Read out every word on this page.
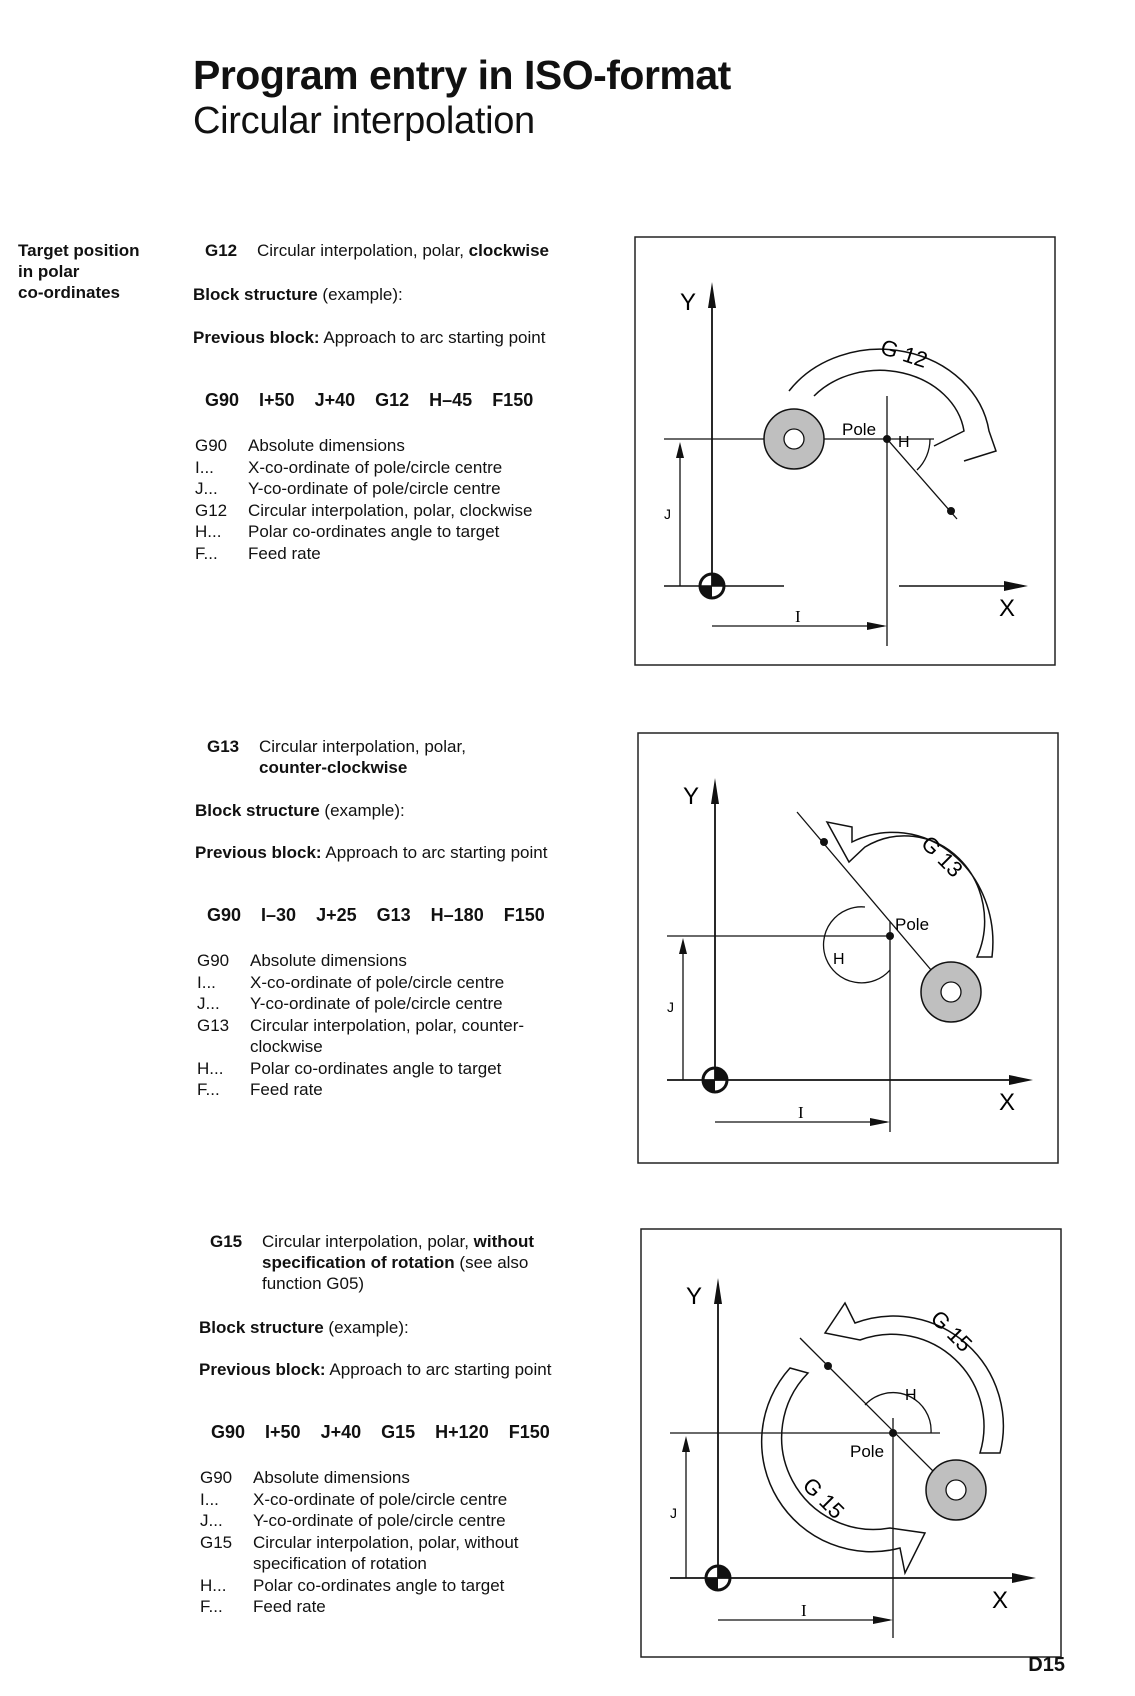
Program entry in ISO-format
Circular interpolation
Target position
in polar
co-ordinates
G12 Circular interpolation, polar, clockwise
Block structure (example):
Previous block: Approach to arc starting point
G90 I+50 J+40 G12 H–45 F150
G90	Absolute dimensions
I...	X-co-ordinate of pole/circle centre
J...	Y-co-ordinate of pole/circle centre
G12	Circular interpolation, polar, clockwise
H...	Polar co-ordinates angle to target
F...	Feed rate
Y
X
Pole
H
J
I
G 12
G13 Circular interpolation, polar,
counter-clockwise
Block structure (example):
Previous block: Approach to arc starting point
G90 I–30 J+25 G13 H–180 F150
G90	Absolute dimensions
I...	X-co-ordinate of pole/circle centre
J...	Y-co-ordinate of pole/circle centre
G13	Circular interpolation, polar, counter-clockwise
H...	Polar co-ordinates angle to target
F...	Feed rate
Y
X
Pole
H
J
I
G 13
G15 Circular interpolation, polar, without
specification of rotation (see also
function G05)
Block structure (example):
Previous block: Approach to arc starting point
G90 I+50 J+40 G15 H+120 F150
G90	Absolute dimensions
I...	X-co-ordinate of pole/circle centre
J...	Y-co-ordinate of pole/circle centre
G15	Circular interpolation, polar, without specification of rotation
H...	Polar co-ordinates angle to target
F...	Feed rate
Y
X
Pole
H
J
I
G 15
G 15
D15
